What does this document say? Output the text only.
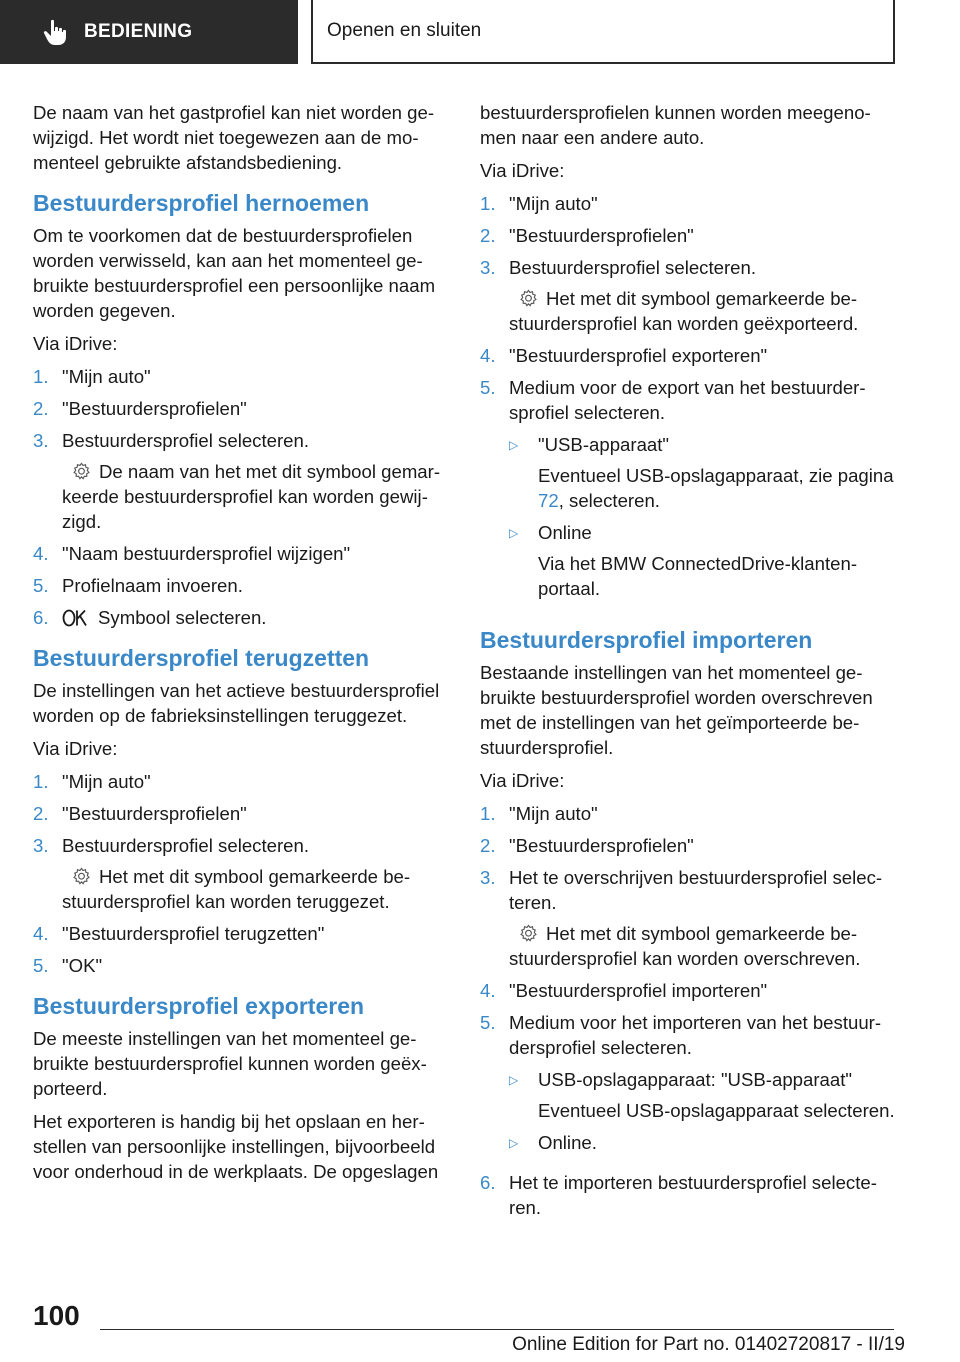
BEDIENING	Openen en sluiten

De naam van het gastprofiel kan niet worden gewijzigd. Het wordt niet toegewezen aan de momenteel gebruikte afstandsbediening.

Bestuurdersprofiel hernoemen

Om te voorkomen dat de bestuurdersprofielen worden verwisseld, kan aan het momenteel gebruikte bestuurdersprofiel een persoonlijke naam worden gegeven.

Via iDrive:

1. "Mijn auto"
2. "Bestuurdersprofielen"
3. Bestuurdersprofiel selecteren.
De naam van het met dit symbool gemarkeerde bestuurdersprofiel kan worden gewijzigd.
4. "Naam bestuurdersprofiel wijzigen"
5. Profielnaam invoeren.
6.	Symbool selecteren.
Bestuurdersprofiel terugzetten

De instellingen van het actieve bestuurdersprofiel worden op de fabrieksinstellingen teruggezet.

Via iDrive:

1. "Mijn auto"
2. "Bestuurdersprofielen"
3. Bestuurdersprofiel selecteren.
Het met dit symbool gemarkeerde bestuurdersprofiel kan worden teruggezet.
4. "Bestuurdersprofiel terugzetten"
5. "OK"
Bestuurdersprofiel exporteren

De meeste instellingen van het momenteel gebruikte bestuurdersprofiel kunnen worden geëxporteerd.

Het exporteren is handig bij het opslaan en herstellen van persoonlijke instellingen, bijvoorbeeld voor onderhoud in de werkplaats. De opgeslagen

bestuurdersprofielen kunnen worden meegenomen naar een andere auto.

Via iDrive:

1. "Mijn auto"
2. "Bestuurdersprofielen"
3. Bestuurdersprofiel selecteren.
Het met dit symbool gemarkeerde bestuurdersprofiel kan worden geëxporteerd.
4. "Bestuurdersprofiel exporteren"
5. Medium voor de export van het bestuurdersprofiel selecteren.
▷	"USB-apparaat"
Eventueel USB-opslagapparaat, zie pagina 72, selecteren.
▷	Online
Via het BMW ConnectedDrive-klantenportaal.
Bestuurdersprofiel importeren

Bestaande instellingen van het momenteel gebruikte bestuurdersprofiel worden overschreven met de instellingen van het geïmporteerde bestuurdersprofiel.

Via iDrive:

1. "Mijn auto"
2. "Bestuurdersprofielen"
3. Het te overschrijven bestuurdersprofiel selecteren.
Het met dit symbool gemarkeerde bestuurdersprofiel kan worden overschreven.
4. "Bestuurdersprofiel importeren"
5. Medium voor het importeren van het bestuurdersprofiel selecteren.
▷	USB-opslagapparaat: "USB-apparaat"
Eventueel USB-opslagapparaat selecteren.
▷	Online.
6. Het te importeren bestuurdersprofiel selecteren.
100
Online Edition for Part no. 01402720817 - II/19
